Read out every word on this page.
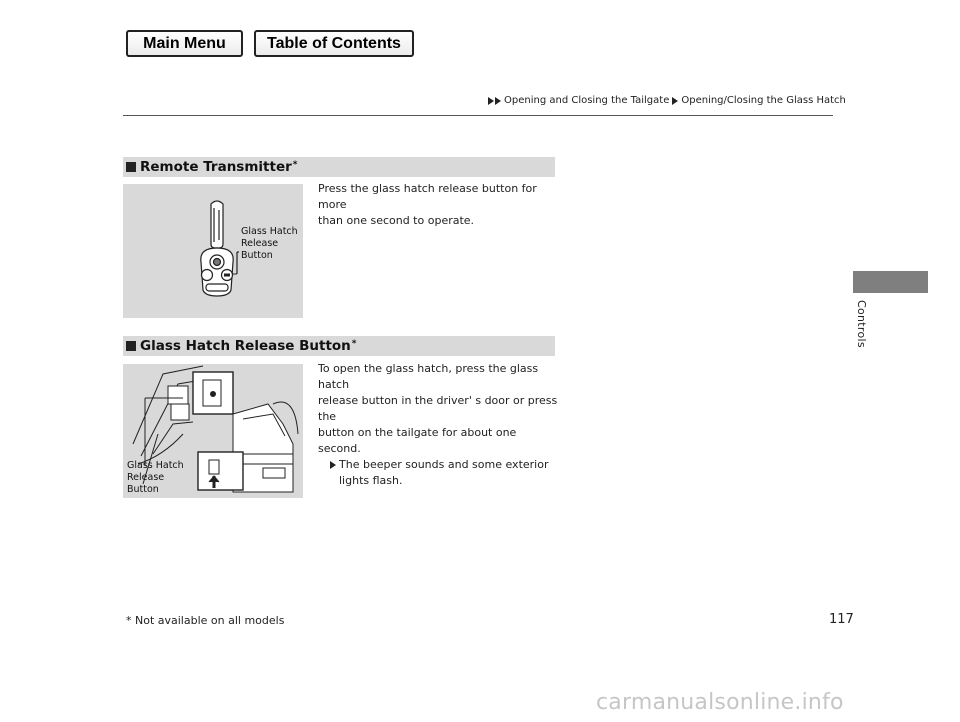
Main Menu	Table of Contents
Opening and Closing the Tailgate Opening/Closing the Glass Hatch
Controls
Remote Transmitter*
Glass Hatch
Release
Button
Press the glass hatch release button for more
than one second to operate.
Glass Hatch Release Button*
Glass Hatch
Release
Button
To open the glass hatch, press the glass hatch
release button in the driver' s door or press the
button on the tailgate for about one second.
The beeper sounds and some exterior
lights flash.
* Not available on all models	117
carmanualsonline.info
